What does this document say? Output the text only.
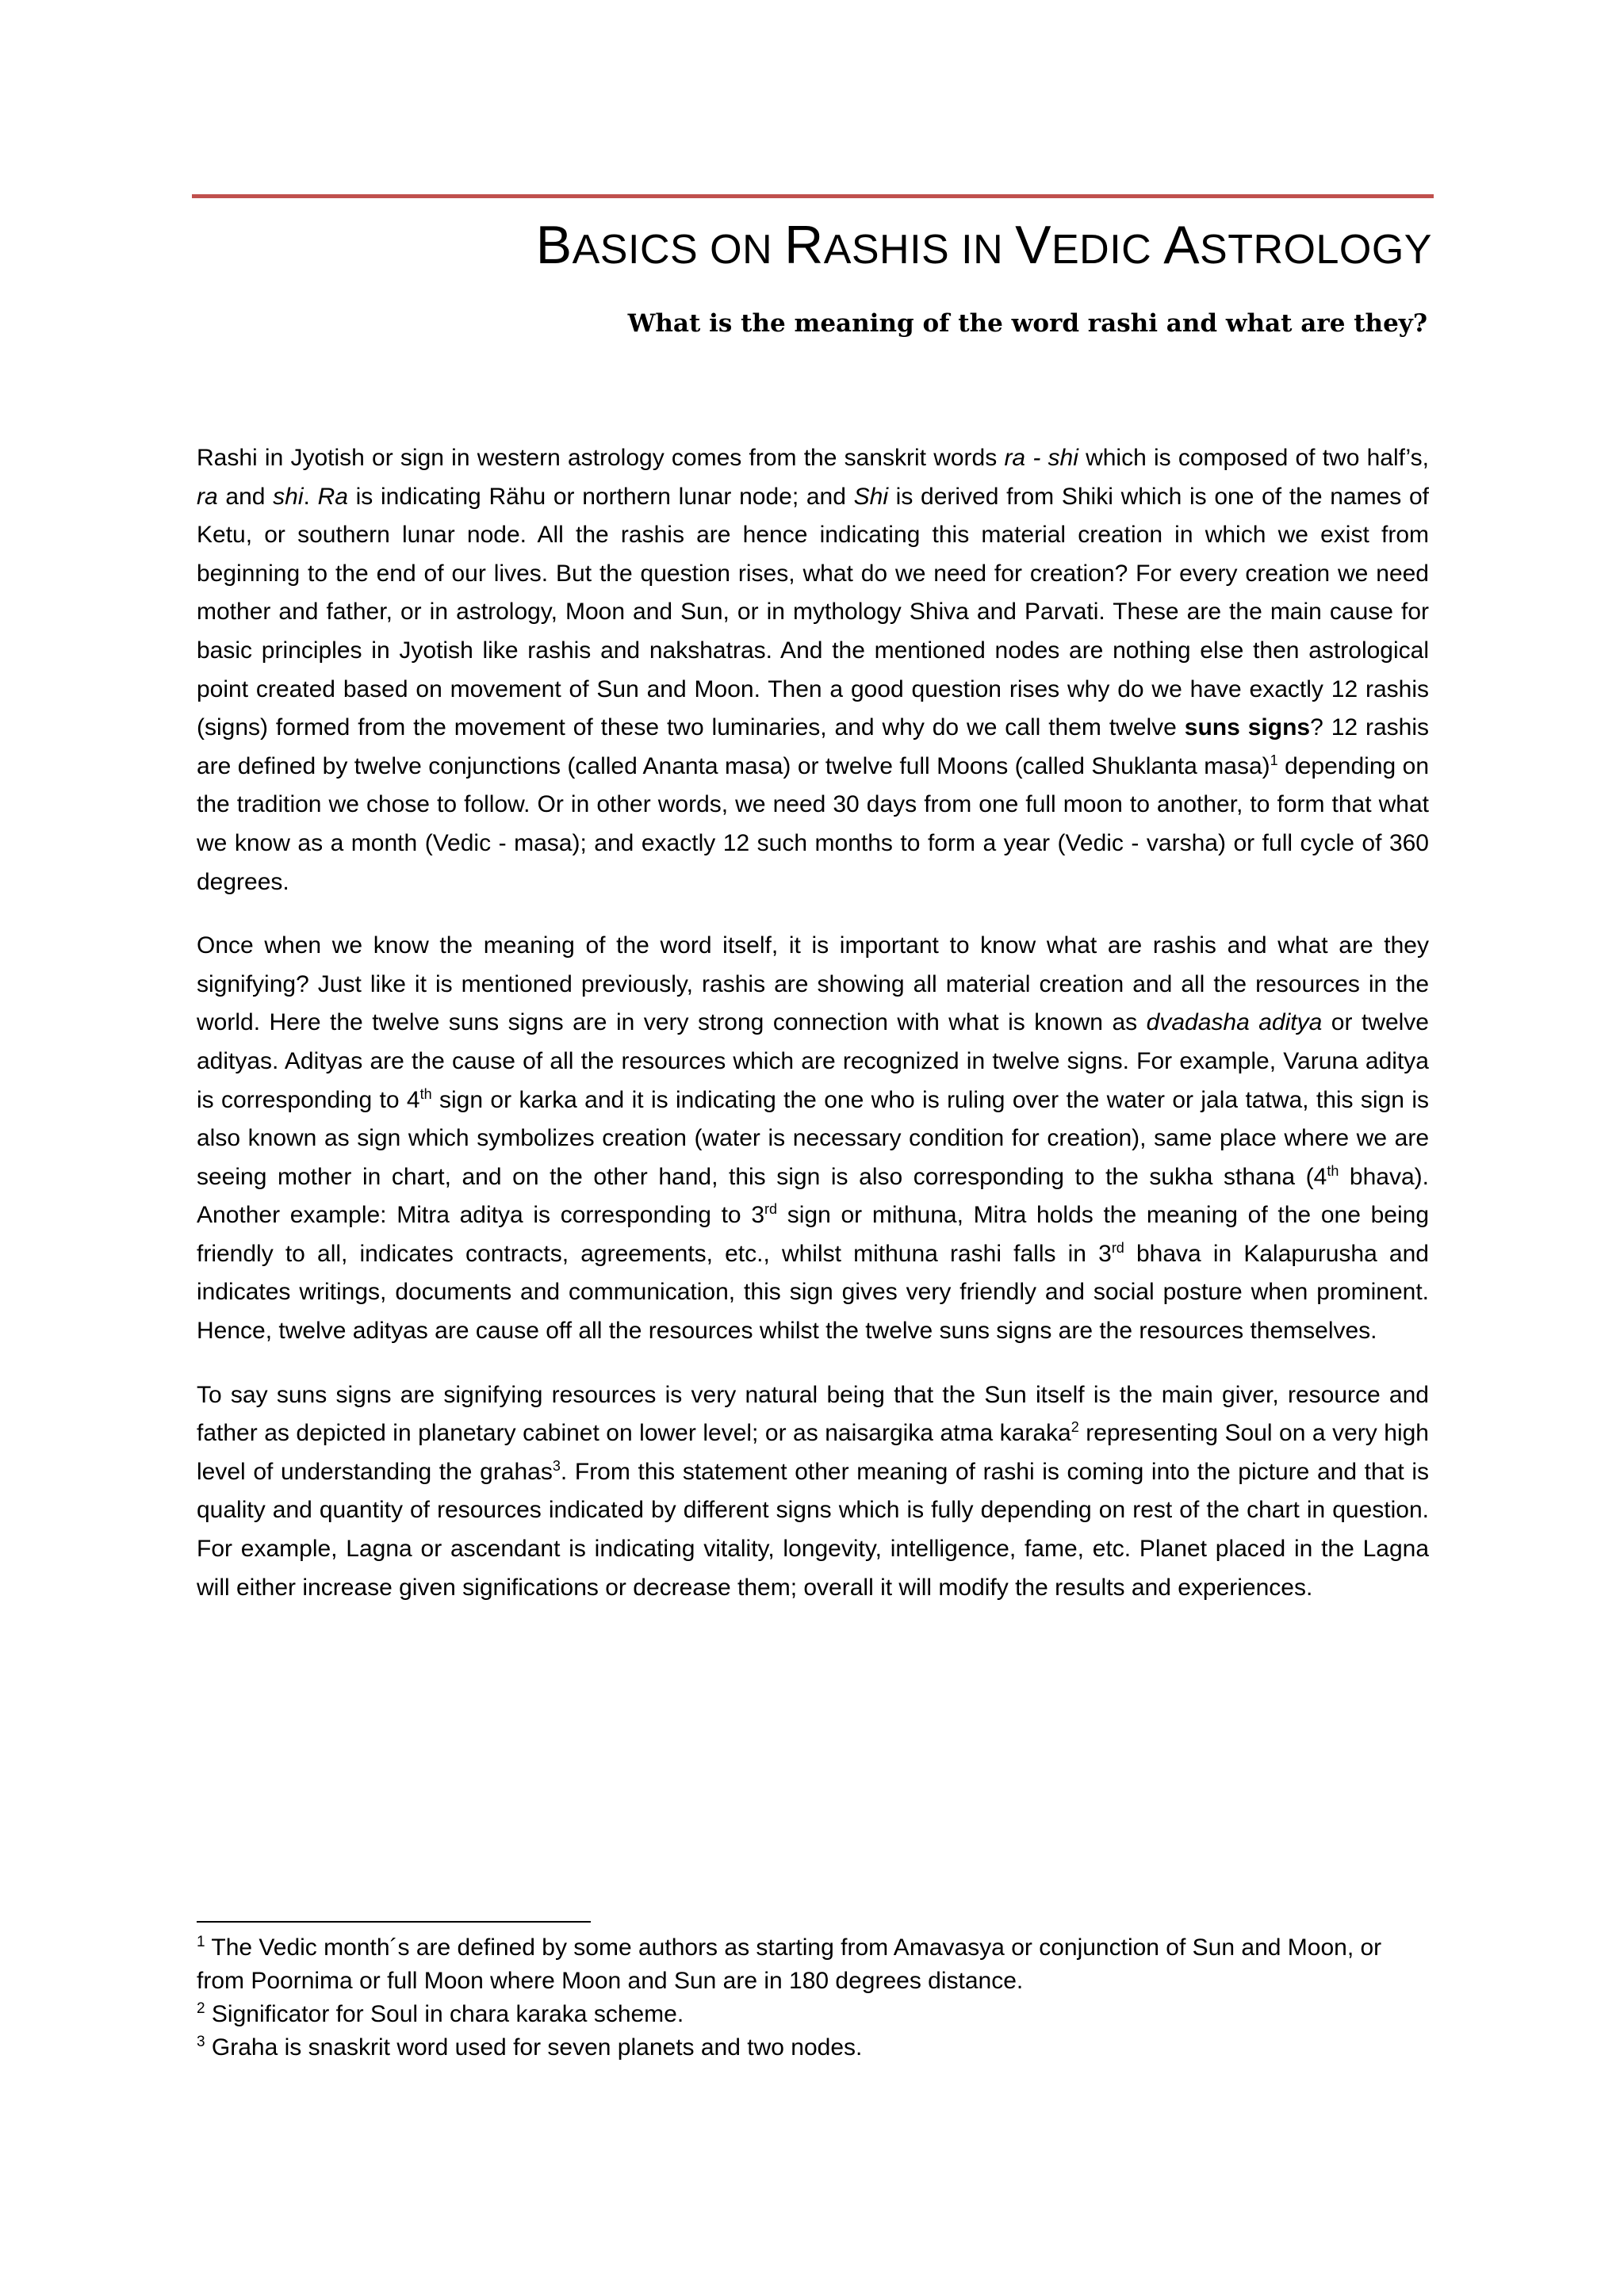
BASICS ON RASHIS IN VEDIC ASTROLOGY
What is the meaning of the word rashi and what are they?

Rashi in Jyotish or sign in western astrology comes from the sanskrit words ra - shi which is composed of two half’s, ra and shi. Ra is indicating Rähu or northern lunar node; and Shi is derived from Shiki which is one of the names of Ketu, or southern lunar node. All the rashis are hence indicating this material creation in which we exist from beginning to the end of our lives. But the question rises, what do we need for creation? For every creation we need mother and father, or in astrology, Moon and Sun, or in mythology Shiva and Parvati. These are the main cause for basic principles in Jyotish like rashis and nakshatras. And the mentioned nodes are nothing else then astrological point created based on movement of Sun and Moon. Then a good question rises why do we have exactly 12 rashis (signs) formed from the movement of these two luminaries, and why do we call them twelve suns signs? 12 rashis are defined by twelve conjunctions (called Ananta masa) or twelve full Moons (called Shuklanta masa)$^1$ depending on the tradition we chose to follow. Or in other words, we need 30 days from one full moon to another, to form that what we know as a month (Vedic - masa); and exactly 12 such months to form a year (Vedic - varsha) or full cycle of 360 degrees.

Once when we know the meaning of the word itself, it is important to know what are rashis and what are they signifying? Just like it is mentioned previously, rashis are showing all material creation and all the resources in the world. Here the twelve suns signs are in very strong connection with what is known as dvadasha aditya or twelve adityas. Adityas are the cause of all the resources which are recognized in twelve signs. For example, Varuna aditya is corresponding to 4th sign or karka and it is indicating the one who is ruling over the water or jala tatwa, this sign is also known as sign which symbolizes creation (water is necessary condition for creation), same place where we are seeing mother in chart, and on the other hand, this sign is also corresponding to the sukha sthana (4th bhava). Another example: Mitra aditya is corresponding to 3rd sign or mithuna, Mitra holds the meaning of the one being friendly to all, indicates contracts, agreements, etc., whilst mithuna rashi falls in 3rd bhava in Kalapurusha and indicates writings, documents and communication, this sign gives very friendly and social posture when prominent. Hence, twelve adityas are cause off all the resources whilst the twelve suns signs are the resources themselves.

To say suns signs are signifying resources is very natural being that the Sun itself is the main giver, resource and father as depicted in planetary cabinet on lower level; or as naisargika atma karaka$^2$ representing Soul on a very high level of understanding the grahas$^3$. From this statement other meaning of rashi is coming into the picture and that is quality and quantity of resources indicated by different signs which is fully depending on rest of the chart in question. For example, Lagna or ascendant is indicating vitality, longevity, intelligence, fame, etc. Planet placed in the Lagna will either increase given significations or decrease them; overall it will modify the results and experiences.

$^1$ The Vedic month´s are defined by some authors as starting from Amavasya or conjunction of Sun and Moon, or from Poornima or full Moon where Moon and Sun are in 180 degrees distance.

$^2$ Significator for Soul in chara karaka scheme.

$^3$ Graha is snaskrit word used for seven planets and two nodes.
